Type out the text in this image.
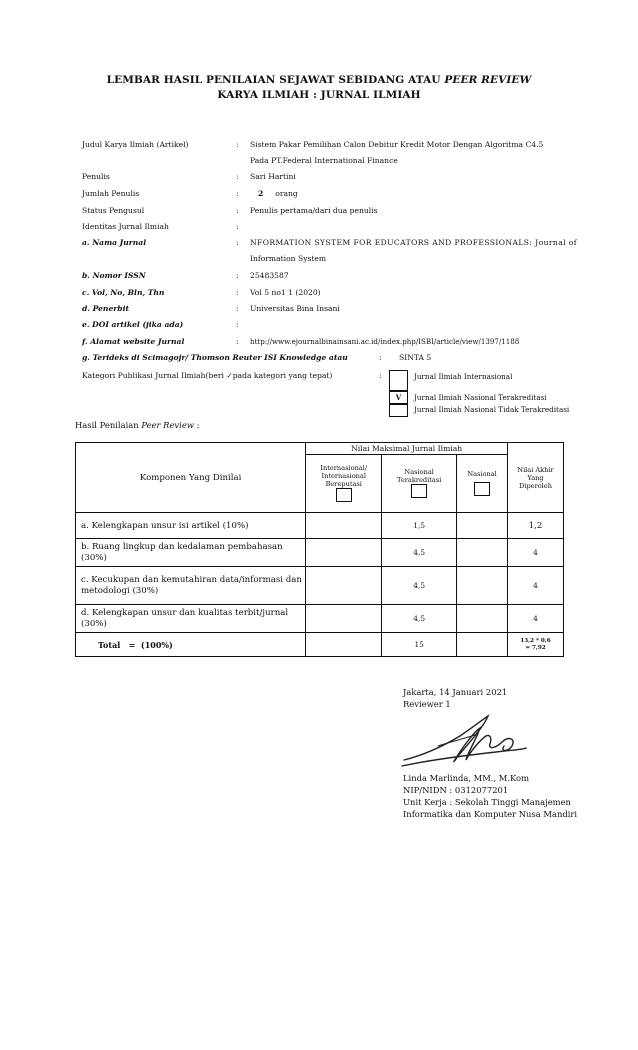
LEMBAR HASIL PENILAIAN SEJAWAT SEBIDANG ATAU PEER REVIEW
KARYA ILMIAH : JURNAL ILMIAH
Judul Karya Ilmiah (Artikel)	: Sistem Pakar Pemilihan Calon Debitur Kredit Motor Dengan Algoritma C4.5
Pada PT.Federal International Finance
Penulis	: Sari Hartini
Jumlah Penulis	:	2 orang
Status Pengusul	: Penulis pertama/dari dua penulis
Identitas Jurnal Ilmiah	:
a. Nama Jurnal	: NFORMATION SYSTEM FOR EDUCATORS AND PROFESSIONALS: Journal of
Information System
b. Nomor ISSN	: 25483587
c. Vol, No, Bln, Thn	: Vol 5 no1 1 (2020)
d. Penerbit	: Universitas Bina Insani
e. DOI artikel (jika ada)	:
f. Alamat website Jurnal	: http://www.ejournalbinainsani.ac.id/index.php/ISBI/article/view/1397/1188
g. Terideks di Scimagojr/ Thomson Reuter ISI Knowledge atau	: SINTA 5
Kategori Publikasi Jurnal Ilmiah(beri ✓pada kategori yang tepat)	:
V
Jurnal Ilmiah Internasional
Jurnal Ilmiah Nasional Terakreditasi
Jurnal Ilmiah Nasional Tidak Terakreditasi
Hasil Penilaian Peer Review :
Komponen Yang Dinilai	Nilai Maksimal Jurnal Ilmiah			Nilai Akhir Yang Diperoleh

	Internasional/ Internasional Bereputasi	Nasional Terakreditasi	Nasional	

a. Kelengkapan unsur isi artikel (10%)		1,5		1,2
b. Ruang lingkup dan kedalaman pembahasan (30%)		4,5		4
c. Kecukupan dan kemutahiran data/informasi dan metodologi (30%)		4,5		4
d. Kelengkapan unsur dan kualitas terbit/jurnal (30%)		4,5		4
Total   =  (100%)		15		13,2 * 0,6
= 7,92
Jakarta, 14 Januari 2021
Reviewer 1
Linda Marlinda, MM., M.Kom
NIP/NIDN : 0312077201
Unit Kerja : Sekolah Tinggi Manajemen
Informatika dan Komputer Nusa Mandiri
